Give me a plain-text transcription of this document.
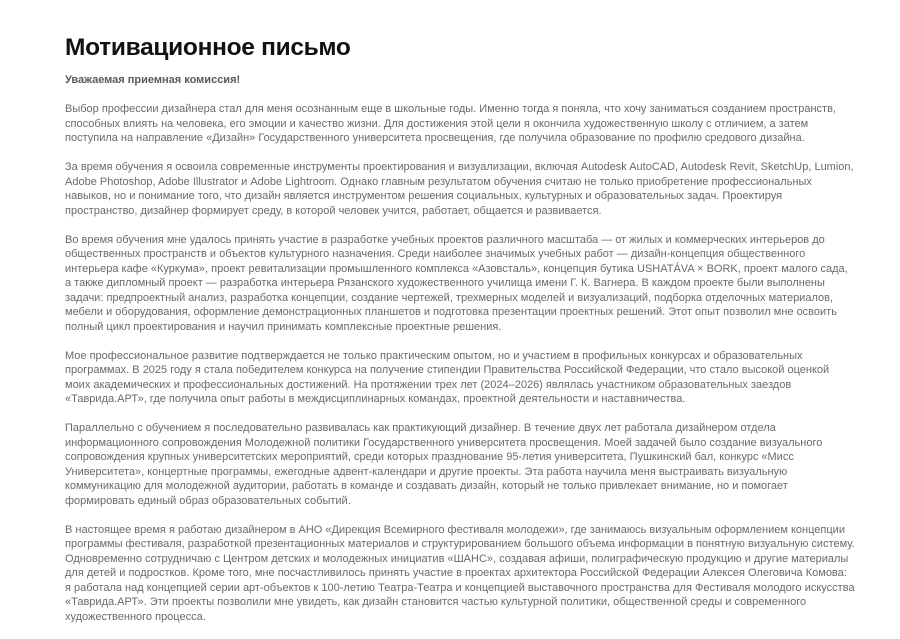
Мотивационное письмо

Уважаемая приемная комиссия!

Выбор профессии дизайнера стал для меня осознанным еще в школьные годы. Именно тогда я поняла, что хочу заниматься созданием пространств, способных влиять на человека, его эмоции и качество жизни. Для достижения этой цели я окончила художественную школу с отличием, а затем поступила на направление «Дизайн» Государственного университета просвещения, где получила образование по профилю средового дизайна.

За время обучения я освоила современные инструменты проектирования и визуализации, включая Autodesk AutoCAD, Autodesk Revit, SketchUp, Lumion, Adobe Photoshop, Adobe Illustrator и Adobe Lightroom. Однако главным результатом обучения считаю не только приобретение профессиональных навыков, но и понимание того, что дизайн является инструментом решения социальных, культурных и образовательных задач. Проектируя пространство, дизайнер формирует среду, в которой человек учится, работает, общается и развивается.

Во время обучения мне удалось принять участие в разработке учебных проектов различного масштаба — от жилых и коммерческих интерьеров до общественных пространств и объектов культурного назначения. Среди наиболее значимых учебных работ — дизайн-концепция общественного интерьера кафе «Куркума», проект ревитализации промышленного комплекса «Азовсталь», концепция бутика USHATÁVA × BORK, проект малого сада, а также дипломный проект — разработка интерьера Рязанского художественного училища имени Г. К. Вагнера. В каждом проекте были выполнены задачи: предпроектный анализ, разработка концепции, создание чертежей, трехмерных моделей и визуализаций, подборка отделочных материалов, мебели и оборудования, оформление демонстрационных планшетов и подготовка презентации проектных решений. Этот опыт позволил мне освоить полный цикл проектирования и научил принимать комплексные проектные решения.

Мое профессиональное развитие подтверждается не только практическим опытом, но и участием в профильных конкурсах и образовательных программах. В 2025 году я стала победителем конкурса на получение стипендии Правительства Российской Федерации, что стало высокой оценкой моих академических и профессиональных достижений. На протяжении трех лет (2024–2026) являлась участником образовательных заездов «Таврида.АРТ», где получила опыт работы в междисциплинарных командах, проектной деятельности и наставничества.

Параллельно с обучением я последовательно развивалась как практикующий дизайнер. В течение двух лет работала дизайнером отдела информационного сопровождения Молодежной политики Государственного университета просвещения. Моей задачей было создание визуального сопровождения крупных университетских мероприятий, среди которых празднование 95-летия университета, Пушкинский бал, конкурс «Мисс Университета», концертные программы, ежегодные адвент-календари и другие проекты. Эта работа научила меня выстраивать визуальную коммуникацию для молодежной аудитории, работать в команде и создавать дизайн, который не только привлекает внимание, но и помогает формировать единый образ образовательных событий.

В настоящее время я работаю дизайнером в АНО «Дирекция Всемирного фестиваля молодежи», где занимаюсь визуальным оформлением концепции программы фестиваля, разработкой презентационных материалов и структурированием большого объема информации в понятную визуальную систему. Одновременно сотрудничаю с Центром детских и молодежных инициатив «ШАНС», создавая афиши, полиграфическую продукцию и другие материалы для детей и подростков. Кроме того, мне посчастливилось принять участие в проектах архитектора Российской Федерации Алексея Олеговича Комова: я работала над концепцией серии арт-объектов к 100-летию Театра-Театра и концепцией выставочного пространства для Фестиваля молодого искусства «Таврида.АРТ». Эти проекты позволили мне увидеть, как дизайн становится частью культурной политики, общественной среды и современного художественного процесса.
